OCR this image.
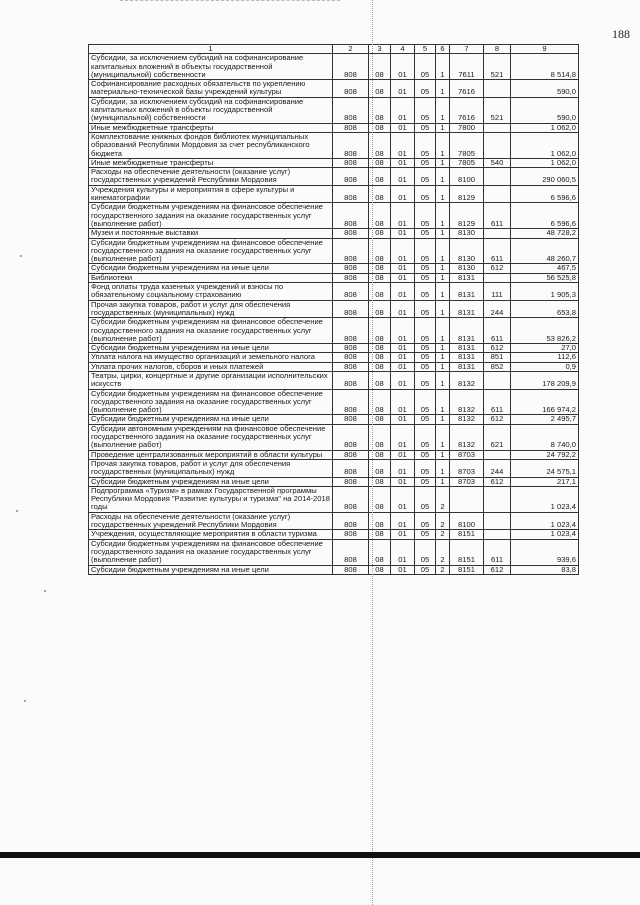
188
1	2	3	4	5	6	7	8	9
Субсидии, за исключением субсидий на софинансирование капитальных вложений в объекты государственной (муниципальной) собственности	808	08	01	05	1	7611	521	8 514,8
Софинансирование расходных обязательств по укреплению материально-технической базы учреждений культуры	808	08	01	05	1	7616		590,0
Субсидии, за исключением субсидий на софинансирование капитальных вложений в объекты государственной (муниципальной) собственности	808	08	01	05	1	7616	521	590,0
Иные межбюджетные трансферты	808	08	01	05	1	7800		1 062,0
Комплектование книжных фондов библиотек муниципальных образований Республики Мордовия за счет республиканского бюджета	808	08	01	05	1	7805		1 062,0
Иные межбюджетные трансферты	808	08	01	05	1	7805	540	1 062,0
Расходы на обеспечение деятельности (оказание услуг) государственных учреждений Республики Мордовия	808	08	01	05	1	8100		290 060,5
Учреждения культуры и мероприятия в сфере культуры и кинематографии	808	08	01	05	1	8129		6 596,6
Субсидии бюджетным учреждениям на финансовое обеспечение государственного задания на оказание государственных услуг (выполнение работ)	808	08	01	05	1	8129	611	6 596,6
Музеи и постоянные выставки	808	08	01	05	1	8130		48 728,2
Субсидии бюджетным учреждениям на финансовое обеспечение государственного задания на оказание государственных услуг (выполнение работ)	808	08	01	05	1	8130	611	48 260,7
Субсидии бюджетным учреждениям на иные цели	808	08	01	05	1	8130	612	467,5
Библиотеки	808	08	01	05	1	8131		56 525,8
Фонд оплаты труда казенных учреждений и взносы по обязательному социальному страхованию	808	08	01	05	1	8131	111	1 905,3
Прочая закупка товаров, работ и услуг для обеспечения государственных (муниципальных) нужд	808	08	01	05	1	8131	244	653,8
Субсидии бюджетным учреждениям на финансовое обеспечение государственного задания на оказание государственных услуг (выполнение работ)	808	08	01	05	1	8131	611	53 826,2
Субсидии бюджетным учреждениям на иные цели	808	08	01	05	1	8131	612	27,0
Уплата налога на имущество организаций и земельного налога	808	08	01	05	1	8131	851	112,6
Уплата прочих налогов, сборов и иных платежей	808	08	01	05	1	8131	852	0,9
Театры, цирки, концертные и другие организации исполнительских искусств	808	08	01	05	1	8132		178 209,9
Субсидии бюджетным учреждениям на финансовое обеспечение государственного задания на оказание государственных услуг (выполнение работ)	808	08	01	05	1	8132	611	166 974,2
Субсидии бюджетным учреждениям на иные цели	808	08	01	05	1	8132	612	2 495,7
Субсидии автономным учреждениям на финансовое обеспечение государственного задания на оказание государственных услуг (выполнение работ)	808	08	01	05	1	8132	621	8 740,0
Проведение централизованных мероприятий в области культуры	808	08	01	05	1	8703		24 792,2
Прочая закупка товаров, работ и услуг для обеспечения государственных (муниципальных) нужд	808	08	01	05	1	8703	244	24 575,1
Субсидии бюджетным учреждениям на иные цели	808	08	01	05	1	8703	612	217,1
Подпрограмма «Туризм» в рамках Государственной программы Республики Мордовия "Развитие культуры и туризма" на 2014-2018 годы	808	08	01	05	2			1 023,4
Расходы на обеспечение деятельности (оказание услуг) государственных учреждений Республики Мордовия	808	08	01	05	2	8100		1 023,4
Учреждения, осуществляющие мероприятия в области туризма	808	08	01	05	2	8151		1 023,4
Субсидии бюджетным учреждениям на финансовое обеспечение государственного задания на оказание государственных услуг (выполнение работ)	808	08	01	05	2	8151	611	939,6
Субсидии бюджетным учреждениям на иные цели	808	08	01	05	2	8151	612	83,8
